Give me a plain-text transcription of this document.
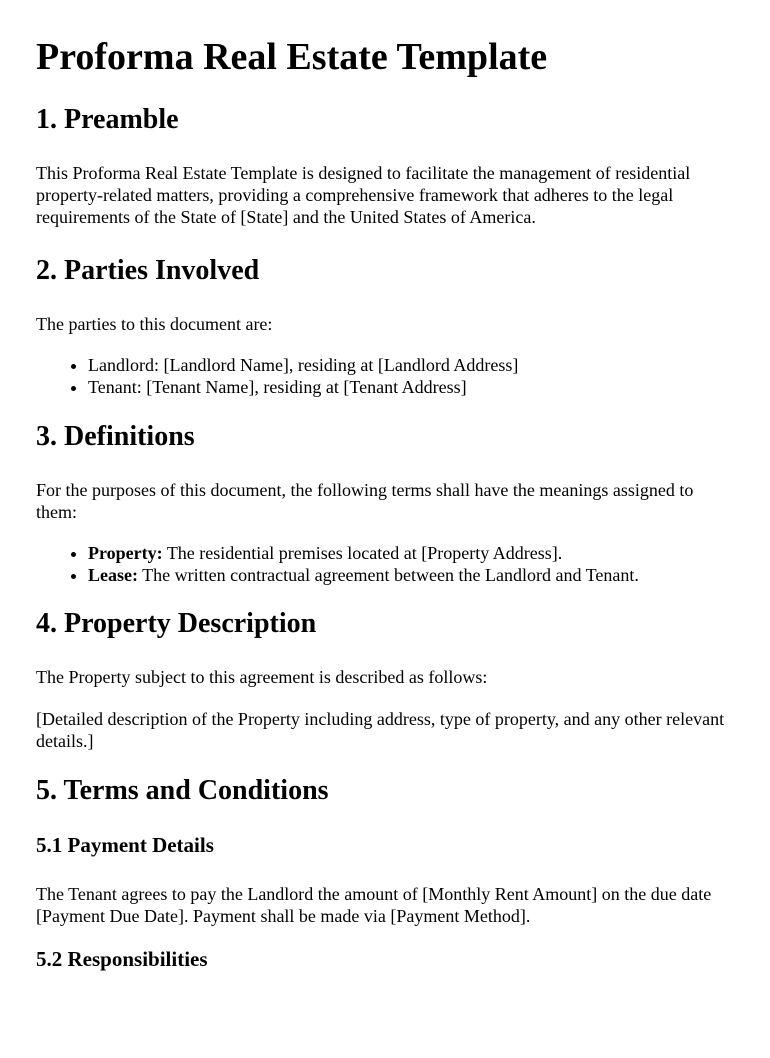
Proforma Real Estate Template
1. Preamble

This Proforma Real Estate Template is designed to facilitate the management of residential property-related matters, providing a comprehensive framework that adheres to the legal requirements of the State of [State] and the United States of America.

2. Parties Involved

The parties to this document are:

• Landlord: [Landlord Name], residing at [Landlord Address]
• Tenant: [Tenant Name], residing at [Tenant Address]
3. Definitions

For the purposes of this document, the following terms shall have the meanings assigned to them:

• Property: The residential premises located at [Property Address].
• Lease: The written contractual agreement between the Landlord and Tenant.
4. Property Description

The Property subject to this agreement is described as follows:

[Detailed description of the Property including address, type of property, and any other relevant details.]

5. Terms and Conditions
5.1 Payment Details

The Tenant agrees to pay the Landlord the amount of [Monthly Rent Amount] on the due date [Payment Due Date]. Payment shall be made via [Payment Method].

5.2 Responsibilities
